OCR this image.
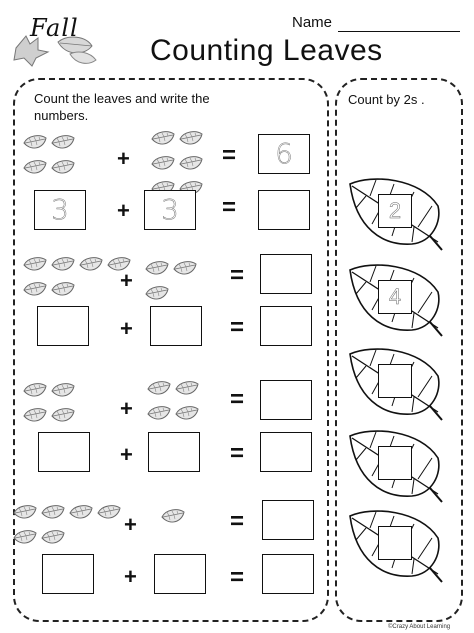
Fall	Name
Counting Leaves
Count the leaves and write the numbers.
Count by 2s .
+	=	6
3	+	3	=
+	=
+	=
+	=
+	=
+	=
+	=
2
4
©Crazy About Learning
